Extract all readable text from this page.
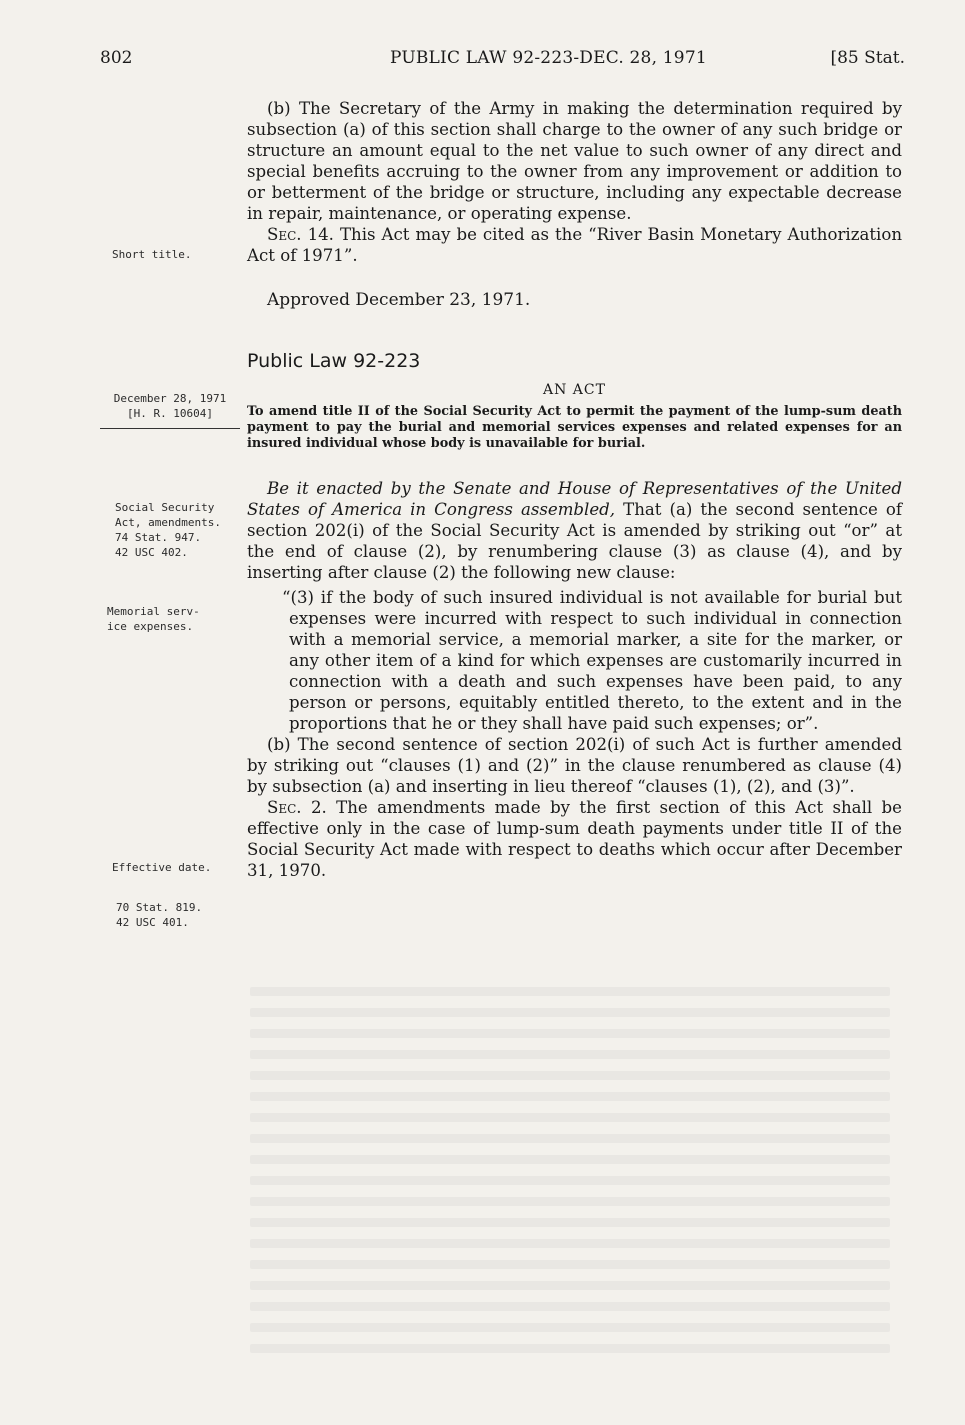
802	PUBLIC LAW 92-223-DEC. 28, 1971	[85 Stat.
Short title.
December 28, 1971
[H. R. 10604]
Social Security
Act, amendments.
74 Stat. 947.
42 USC 402.
Memorial serv-
ice expenses.
Effective date.
70 Stat. 819.
42 USC 401.

(b) The Secretary of the Army in making the determination required by subsection (a) of this section shall charge to the owner of any such bridge or structure an amount equal to the net value to such owner of any direct and special benefits accruing to the owner from any improvement or addition to or betterment of the bridge or structure, including any expectable decrease in repair, maintenance, or operating expense.

Sec. 14. This Act may be cited as the “River Basin Monetary Authorization Act of 1971”.

Approved December 23, 1971.
Public Law 92-223
AN ACT
To amend title II of the Social Security Act to permit the payment of the lump-sum death payment to pay the burial and memorial services expenses and related expenses for an insured individual whose body is unavailable for burial.

Be it enacted by the Senate and House of Representatives of the United States of America in Congress assembled, That (a) the second sentence of section 202(i) of the Social Security Act is amended by striking out “or” at the end of clause (2), by renumbering clause (3) as clause (4), and by inserting after clause (2) the following new clause:

“(3) if the body of such insured individual is not available for burial but expenses were incurred with respect to such individual in connection with a memorial service, a memorial marker, a site for the marker, or any other item of a kind for which expenses are customarily incurred in connection with a death and such expenses have been paid, to any person or persons, equitably entitled thereto, to the extent and in the proportions that he or they shall have paid such expenses; or”.

(b) The second sentence of section 202(i) of such Act is further amended by striking out “clauses (1) and (2)” in the clause renumbered as clause (4) by subsection (a) and inserting in lieu thereof “clauses (1), (2), and (3)”.

Sec. 2. The amendments made by the first section of this Act shall be effective only in the case of lump-sum death payments under title II of the Social Security Act made with respect to deaths which occur after December 31, 1970.
